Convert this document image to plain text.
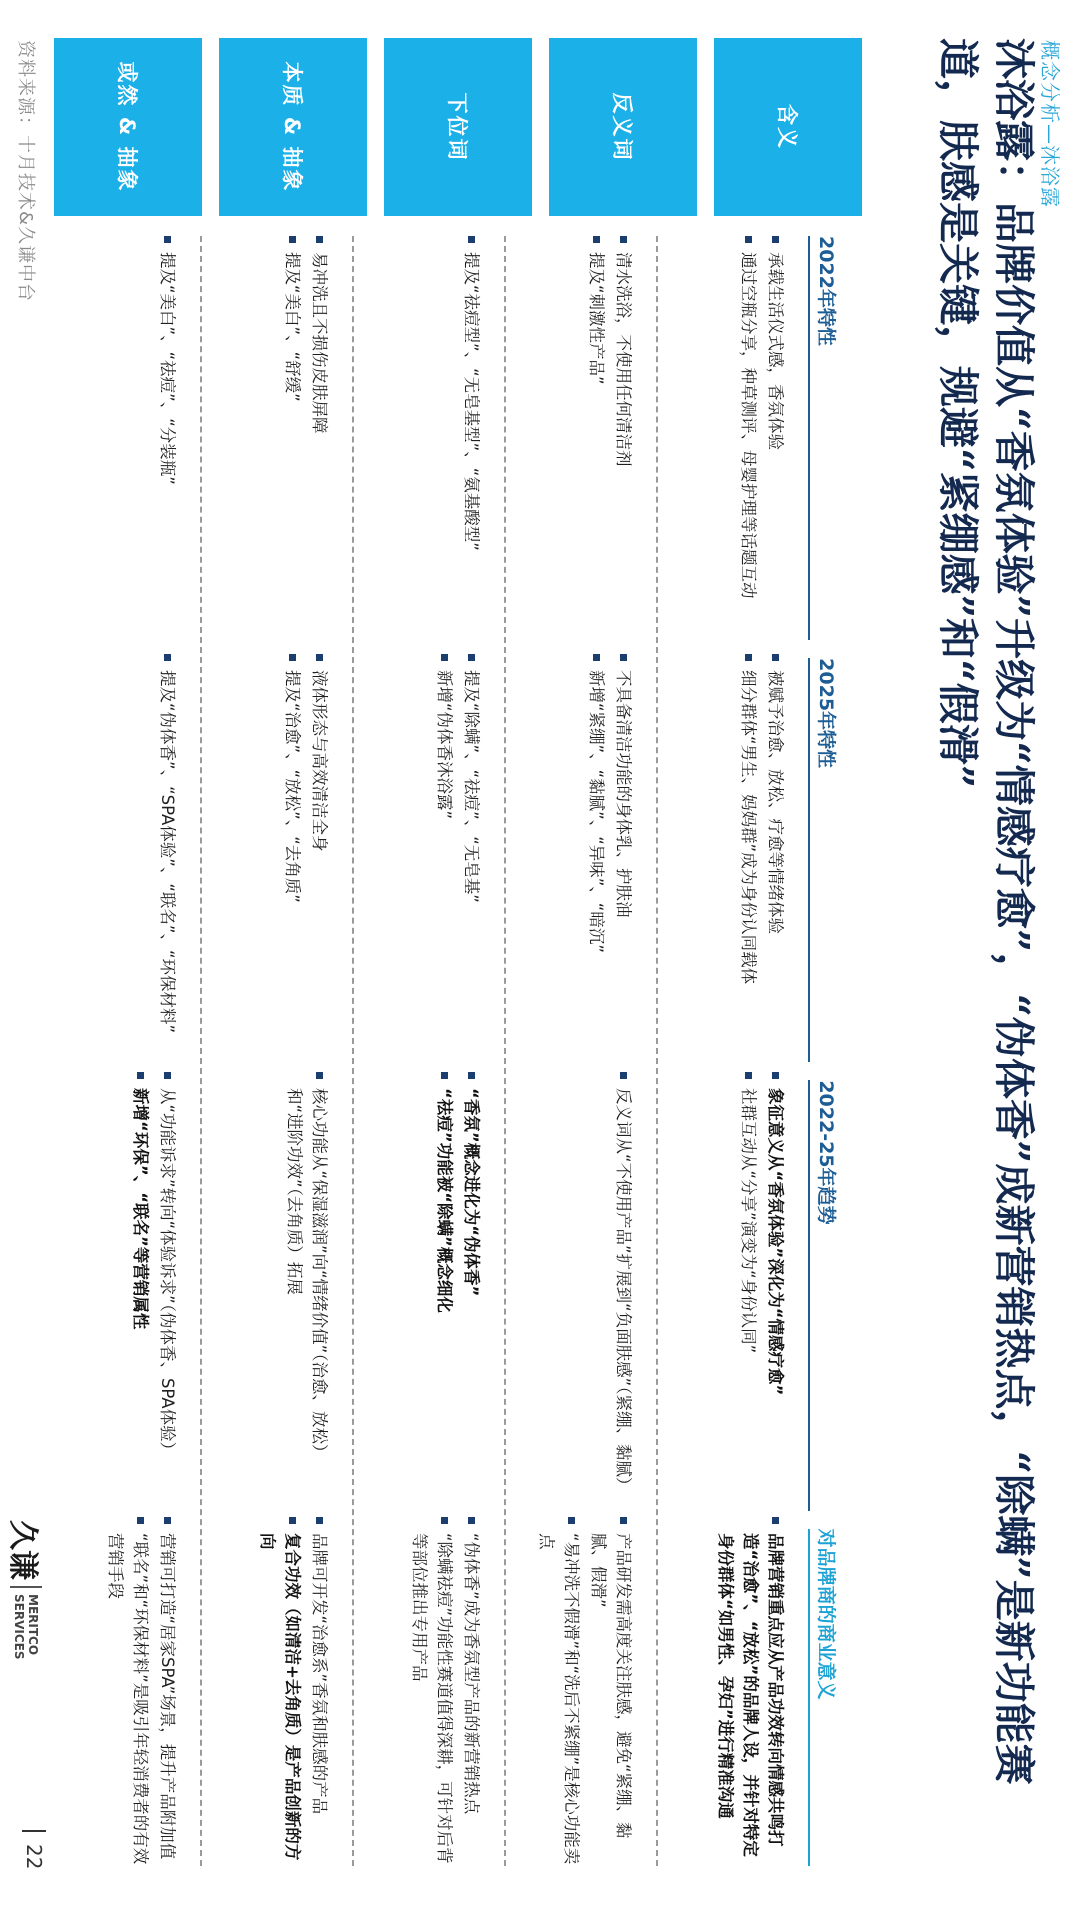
概念分析—沐浴露
沐浴露：品牌价值从“香氛体验”升级为“情感疗愈”，“伪体香”成新营销热点，“除螨”是新功能赛道，肤感是关键，规避“紧绷感”和“假滑”
含义
反义词
下位词
本质 & 抽象
或然 & 抽象
2022年特性
2025年特性
2022-25年趋势
对品牌商的商业意义
承载生活仪式感，香氛体验
通过空瓶分享，种草测评、母婴护理等话题互动
被赋予治愈、放松、疗愈等情绪体验
细分群体“男生、妈妈群”成为身份认同载体
象征意义从“香氛体验”深化为“情感疗愈”
社群互动从“分享”演变为“身份认同”
品牌营销重点应从产品功效转向情感共鸣打造“治愈”、“放松”的品牌人设，并针对特定身份群体“如男性、孕妇”进行精准沟通
清水洗浴，不使用任何清洁剂
提及“刺激性产品”
不具备清洁功能的身体乳、护肤油
新增“紧绷”、“黏腻”、“异味”、“暗沉”
反义词从“不使用产品”扩展到“负面肤感”（紧绷、黏腻）
产品研发需高度关注肤感，避免“紧绷、黏腻、假滑”
“易冲洗不假滑”和“洗后不紧绷”是核心功能卖点
提及“祛痘型”、“无皂基型”、“氨基酸型”
提及“除螨”、“祛痘”、“无皂基”
新增“伪体香沐浴露”
“香氛”概念进化为“伪体香”
“祛痘”功能被“除螨”概念细化
“伪体香”成为香氛型产品的新营销热点
“除螨祛痘”功能性赛道值得深耕，可针对后背等部位推出专用产品
易冲洗且不损伤皮肤屏障
提及“美白”、“舒缓”
液体形态与高效清洁全身
提及“治愈”、“放松”、“去角质”
核心功能从“保湿滋润”向“情绪价值”（治愈、放松）和“进阶功效”（去角质）拓展
品牌可开发“治愈系”香氛和肤感的产品
复合功效（如清洁+去角质）是产品创新的方向
提及“美白”、“祛痘”、“分装瓶”
提及“伪体香”、“SPA体验”、“联名”、“环保材料”
从“功能诉求”转向“体验诉求”（伪体香、SPA体验）
新增“环保”、“联名”等营销属性
营销可打造“居家SPA”场景，提升产品附加值
“联名”和“环保材料”是吸引年轻消费者的有效营销手段
资料来源：十月技术&久谦中台
久谦
MERITCO
SERVICES
22
